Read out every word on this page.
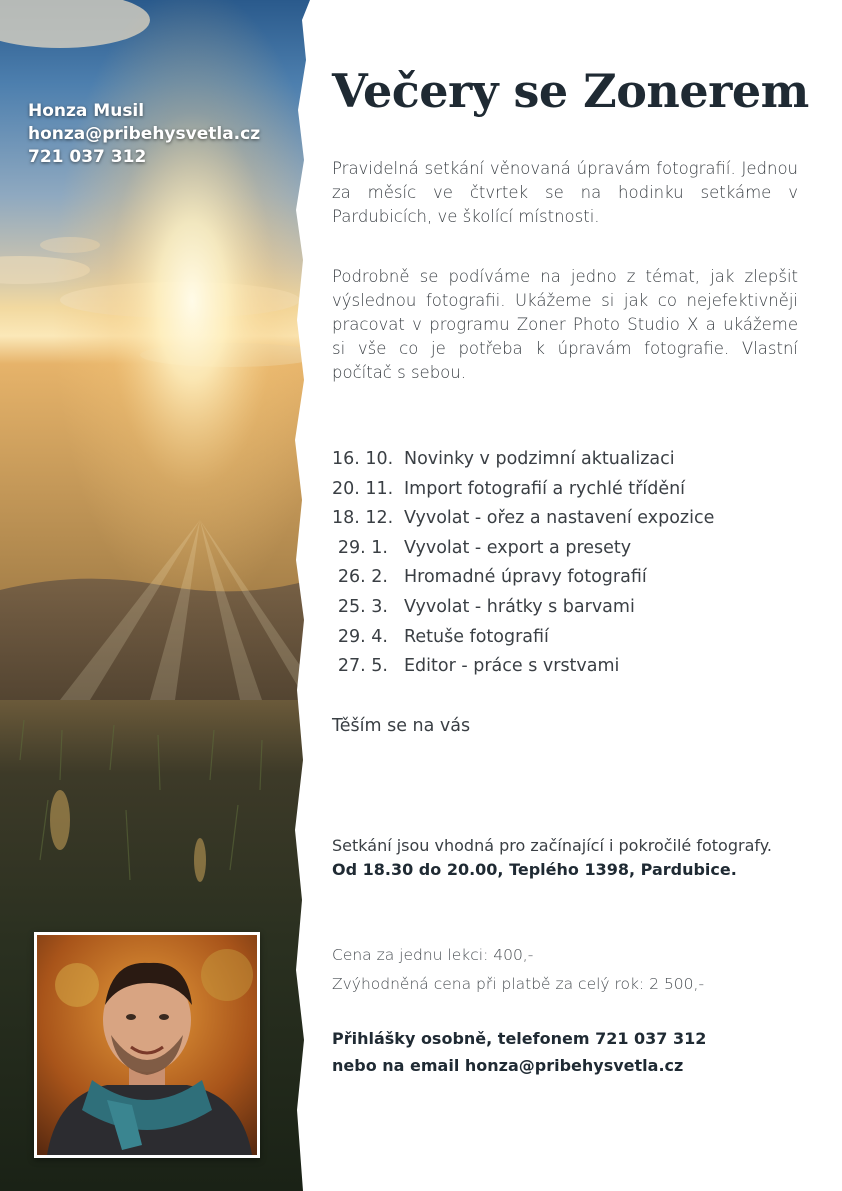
Honza Musil
honza@pribehysvetla.cz
721 037 312
Večery se Zonerem
Pravidelná setkání věnovaná úpravám fotografií. Jednou za měsíc ve čtvrtek se na hodinku setkáme v Pardubicích, ve školící místnosti.
Podrobně se podíváme na jedno z témat, jak zlepšit výslednou fotografii. Ukážeme si jak co nejefektivněji pracovat v programu Zoner Photo Studio X a ukážeme si vše co je potřeba k úpravám fotografie. Vlastní počítač s sebou.
16. 10. Novinky v podzimní aktualizaci
20. 11. Import fotografií a rychlé třídění
18. 12. Vyvolat - ořez a nastavení expozice
29. 1. Vyvolat - export a presety
26. 2. Hromadné úpravy fotografií
25. 3. Vyvolat - hrátky s barvami
29. 4. Retuše fotografií
27. 5. Editor - práce s vrstvami
Těším se na vás
Setkání jsou vhodná pro začínající i pokročilé fotografy.
Od 18.30 do 20.00, Teplého 1398, Pardubice.
Cena za jednu lekci: 400,-
Zvýhodněná cena při platbě za celý rok: 2 500,-
Přihlášky osobně, telefonem 721 037 312
nebo na email honza@pribehysvetla.cz
